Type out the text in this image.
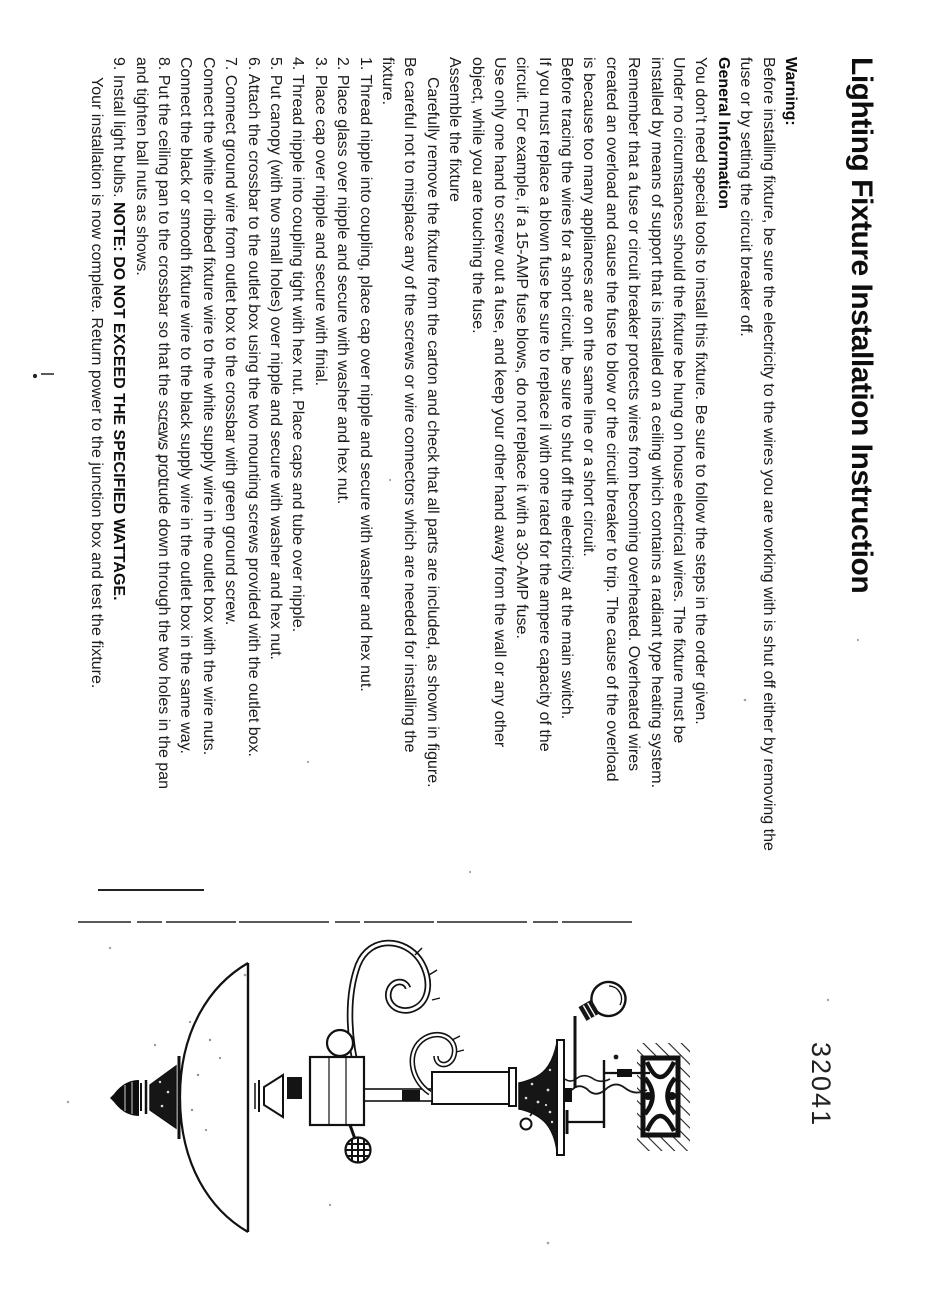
Lighting Fixture Installation Instruction
Warning:
Before installing fixture, be sure the electricity to the wires you are working with is shut off either by removing the
fuse or by setting the circuit breaker off.
General Information
You don't need special tools to install this fixture. Be sure to follow the steps in the order given.
Under no circumstances should the fixture be hung on house electrical wires. The fixture must be
installed by means of support that is installed on a ceiling which contains a radiant type heating system.
Remember that a fuse or circuit breaker protects wires from becoming overheated. Overheated wires
created an overload and cause the fuse to blow or the circuit breaker to trip. The cause of the overload
is because too many appliances are on the same line or a short circuit.
Before tracing the wires for a short circuit, be sure to shut off the electricity at the main switch.
If you must replace a blown fuse be sure to replace il with one rated for the ampere capacity of the
circuit. For example, if a 15-AMP fuse blows, do not replace it with a 30-AMP fuse.
Use only one hand to screw out a fuse, and keep your other hand away from the wall or any other
object, while you are touching the fuse.
Assemble the fixture
Carefully remove the fixture from the carton and check that all parts are included, as shown in figure.
Be careful not to misplace any of the screws or wire connectors which are needed for installing the
fixture.
1. Thread nipple into coupling, place cap over nipple and secure with washer and hex nut.
2. Place glass over nipple and secure with washer and hex nut.
3. Place cap over nipple and secure with finial.
4. Thread nipple into coupling tight with hex nut. Place caps and tube over nipple.
5. Put canopy (with two small holes) over nipple and secure with washer and hex nut.
6. Attach the crossbar to the outlet box using the two mounting screws provided with the outlet box.
7. Connect ground wire from outlet box to the crossbar with green ground screw.
Connect the white or ribbed fixture wire to the white supply wire in the outlet box with the wire nuts.
Connect the black or smooth fixture wire to the black supply wire in the outlet box in the same way.
8. Put the ceiling pan to the crossbar so that the screws protrude down through the two holes in the pan
and tighten ball nuts as shows.
9. Install light bulbs. NOTE: DO NOT EXCEED THE SPECIFIED WATTAGE.
Your installation is now complete. Return power to the junction box and test the fixture.
32041
